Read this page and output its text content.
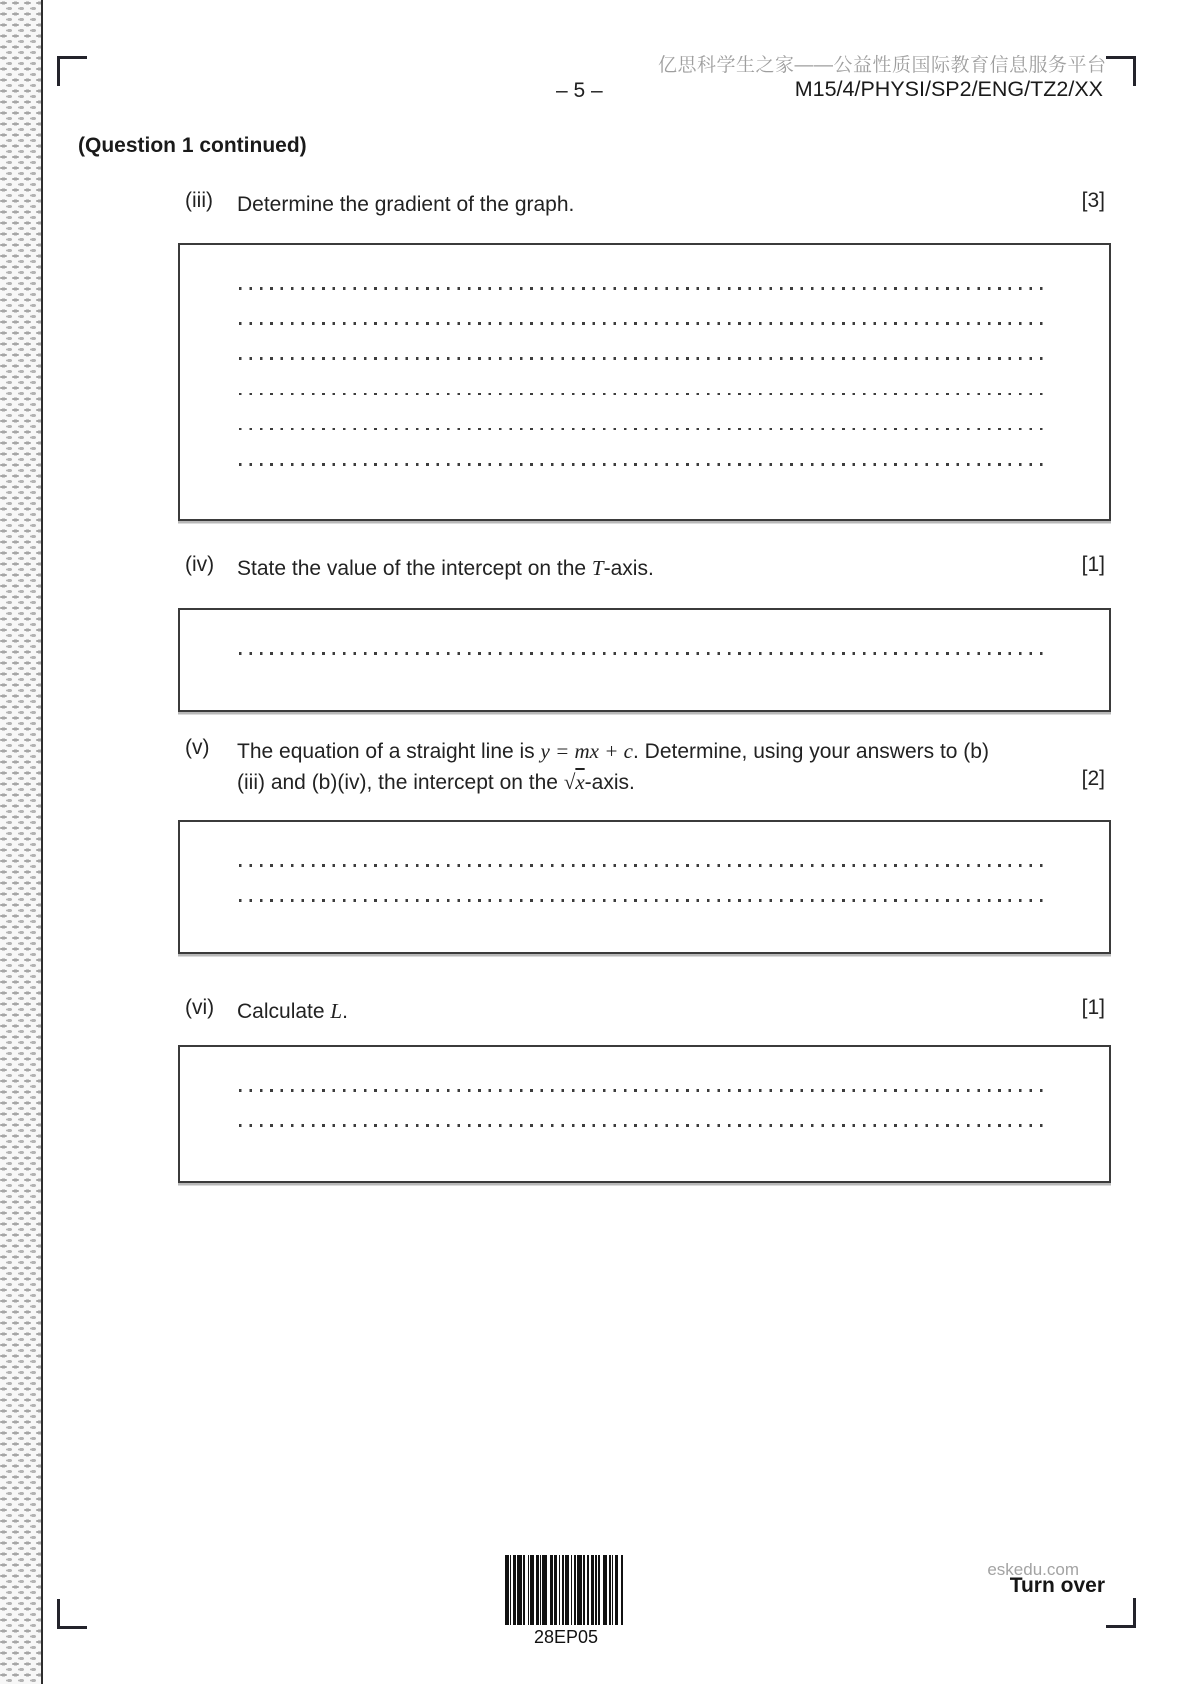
亿思科学生之家——公益性质国际教育信息服务平台
– 5 –	M15/4/PHYSI/SP2/ENG/TZ2/XX
(Question 1 continued)
(iii) Determine the gradient of the graph.	[3]
(iv) State the value of the intercept on the T-axis.	[1]
(v) The equation of a straight line is y = mx + c. Determine, using your answers to (b)(iii) and (b)(iv), the intercept on the √x-axis.	[2]
(vi) Calculate L.	[1]
28EP05
eskedu.com
Turn over
